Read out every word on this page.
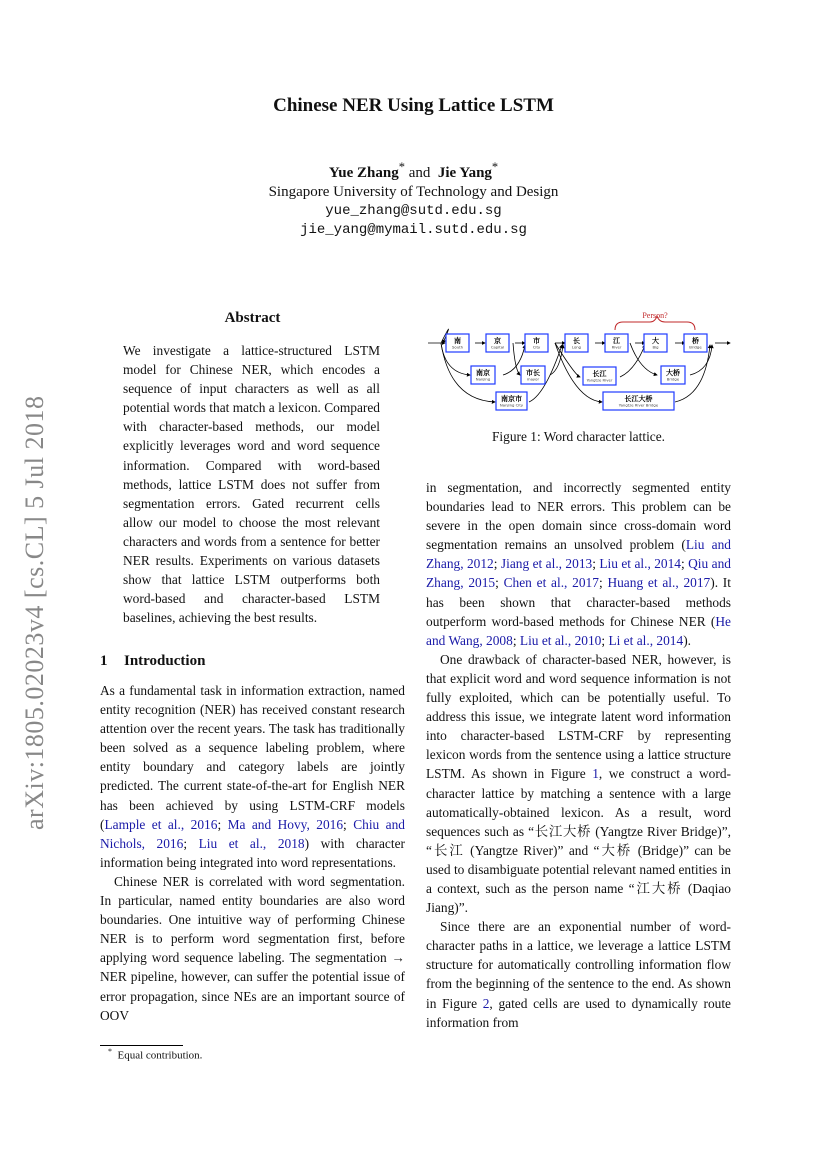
arXiv:1805.02023v4 [cs.CL] 5 Jul 2018
Chinese NER Using Lattice LSTM
Yue Zhang* and Jie Yang*
Singapore University of Technology and Design
yue_zhang@sutd.edu.sg
jie_yang@mymail.sutd.edu.sg
Abstract

We investigate a lattice-structured LSTM model for Chinese NER, which encodes a sequence of input characters as well as all potential words that match a lexicon. Compared with character-based methods, our model explicitly leverages word and word sequence information. Compared with word-based methods, lattice LSTM does not suffer from segmentation errors. Gated recurrent cells allow our model to choose the most relevant characters and words from a sentence for better NER results. Experiments on various datasets show that lattice LSTM outperforms both word-based and character-based LSTM baselines, achieving the best results.

1 Introduction

As a fundamental task in information extraction, named entity recognition (NER) has received constant research attention over the recent years. The task has traditionally been solved as a sequence labeling problem, where entity boundary and category labels are jointly predicted. The current state-of-the-art for English NER has been achieved by using LSTM-CRF models (Lample et al., 2016; Ma and Hovy, 2016; Chiu and Nichols, 2016; Liu et al., 2018) with character information being integrated into word representations.

Chinese NER is correlated with word segmentation. In particular, named entity boundaries are also word boundaries. One intuitive way of performing Chinese NER is to perform word segmentation first, before applying word sequence labeling. The segmentation → NER pipeline, however, can suffer the potential issue of error propagation, since NEs are an important source of OOV

Person?
南
South
京
Capital
市
City
长
Long
江
River
大
Big
桥
Bridge
南京
Nanjing
市长
mayor
长江
Yangtze River
大桥
Bridge
南京市
Nanjing City
长江大桥
Yangtze River Bridge
Figure 1: Word character lattice.

in segmentation, and incorrectly segmented entity boundaries lead to NER errors. This problem can be severe in the open domain since cross-domain word segmentation remains an unsolved problem (Liu and Zhang, 2012; Jiang et al., 2013; Liu et al., 2014; Qiu and Zhang, 2015; Chen et al., 2017; Huang et al., 2017). It has been shown that character-based methods outperform word-based methods for Chinese NER (He and Wang, 2008; Liu et al., 2010; Li et al., 2014).

One drawback of character-based NER, however, is that explicit word and word sequence information is not fully exploited, which can be potentially useful. To address this issue, we integrate latent word information into character-based LSTM-CRF by representing lexicon words from the sentence using a lattice structure LSTM. As shown in Figure 1, we construct a word-character lattice by matching a sentence with a large automatically-obtained lexicon. As a result, word sequences such as “长江大桥 (Yangtze River Bridge)”, “长江 (Yangtze River)” and “大桥 (Bridge)” can be used to disambiguate potential relevant named entities in a context, such as the person name “江大桥 (Daqiao Jiang)”.

Since there are an exponential number of word-character paths in a lattice, we leverage a lattice LSTM structure for automatically controlling information flow from the beginning of the sentence to the end. As shown in Figure 2, gated cells are used to dynamically route information from

* Equal contribution.
